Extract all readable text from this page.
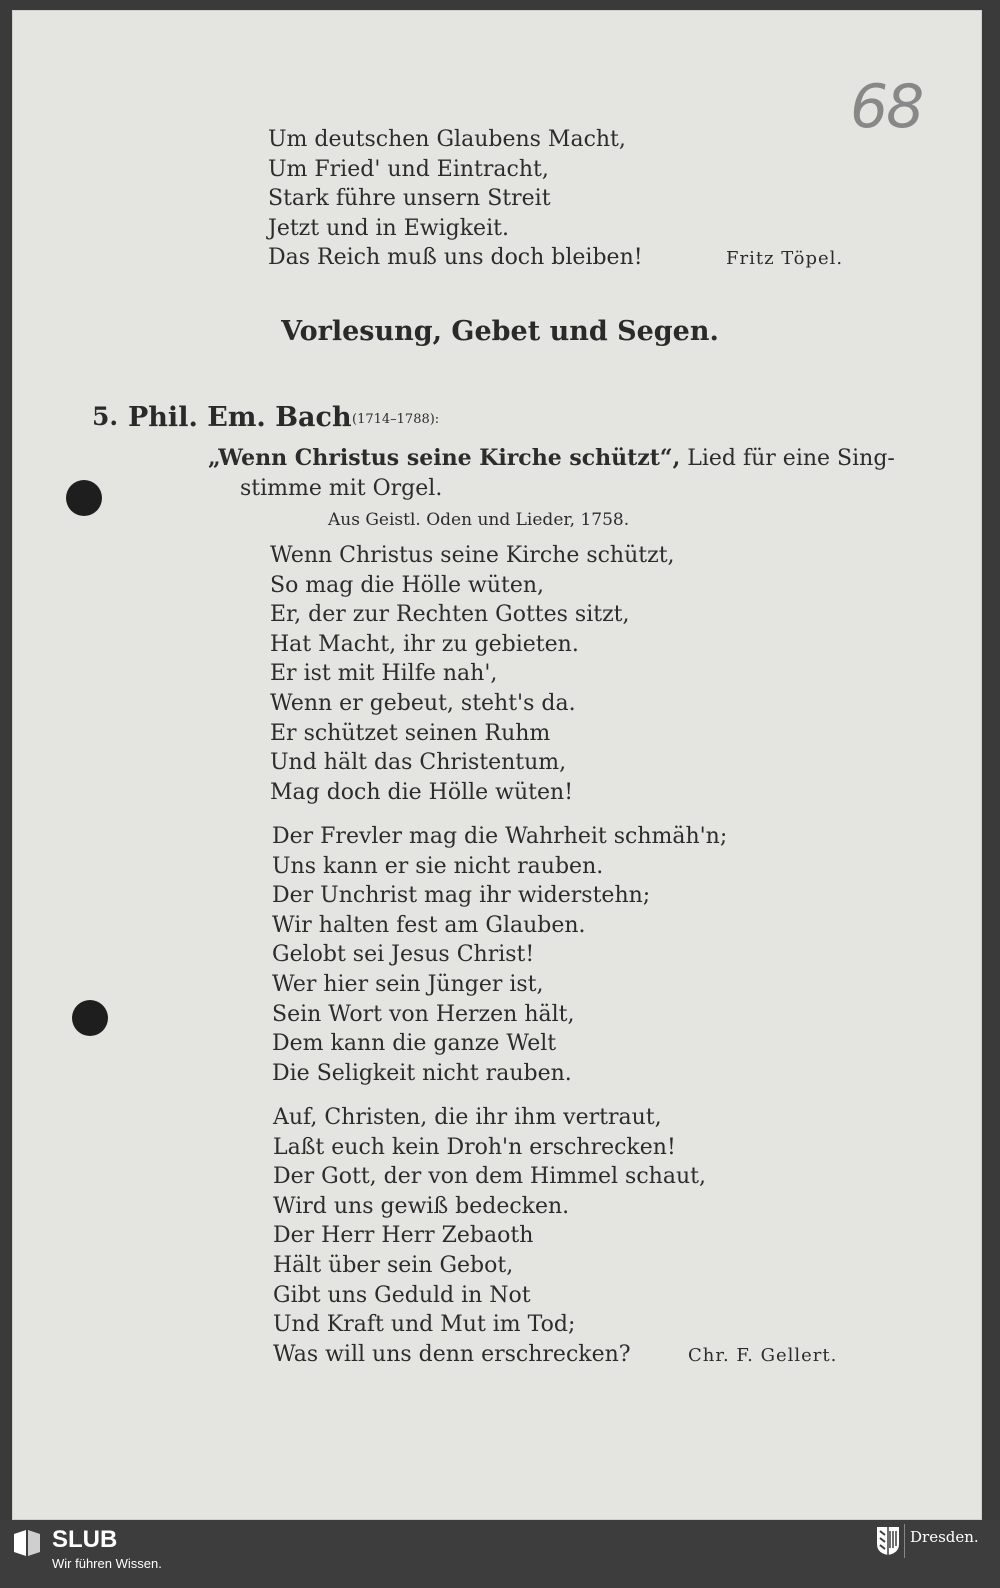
68
Um deutschen Glaubens Macht,
Um Fried' und Eintracht,
Stark führe unsern Streit
Jetzt und in Ewigkeit.
Das Reich muß uns doch bleiben!	Fritz Töpel.
Vorlesung, Gebet und Segen.
5. Phil. Em. Bach (1714–1788):
„Wenn Christus seine Kirche schützt“, Lied für eine Sing-
stimme mit Orgel.
Aus Geistl. Oden und Lieder, 1758.
Wenn Christus seine Kirche schützt,
So mag die Hölle wüten,
Er, der zur Rechten Gottes sitzt,
Hat Macht, ihr zu gebieten.
Er ist mit Hilfe nah',
Wenn er gebeut, steht's da.
Er schützet seinen Ruhm
Und hält das Christentum,
Mag doch die Hölle wüten!
Der Frevler mag die Wahrheit schmäh'n;
Uns kann er sie nicht rauben.
Der Unchrist mag ihr widerstehn;
Wir halten fest am Glauben.
Gelobt sei Jesus Christ!
Wer hier sein Jünger ist,
Sein Wort von Herzen hält,
Dem kann die ganze Welt
Die Seligkeit nicht rauben.
Auf, Christen, die ihr ihm vertraut,
Laßt euch kein Droh'n erschrecken!
Der Gott, der von dem Himmel schaut,
Wird uns gewiß bedecken.
Der Herr Herr Zebaoth
Hält über sein Gebot,
Gibt uns Geduld in Not
Und Kraft und Mut im Tod;
Was will uns denn erschrecken?	Chr. F. Gellert.
SLUB
Wir führen Wissen.
Dresden.
